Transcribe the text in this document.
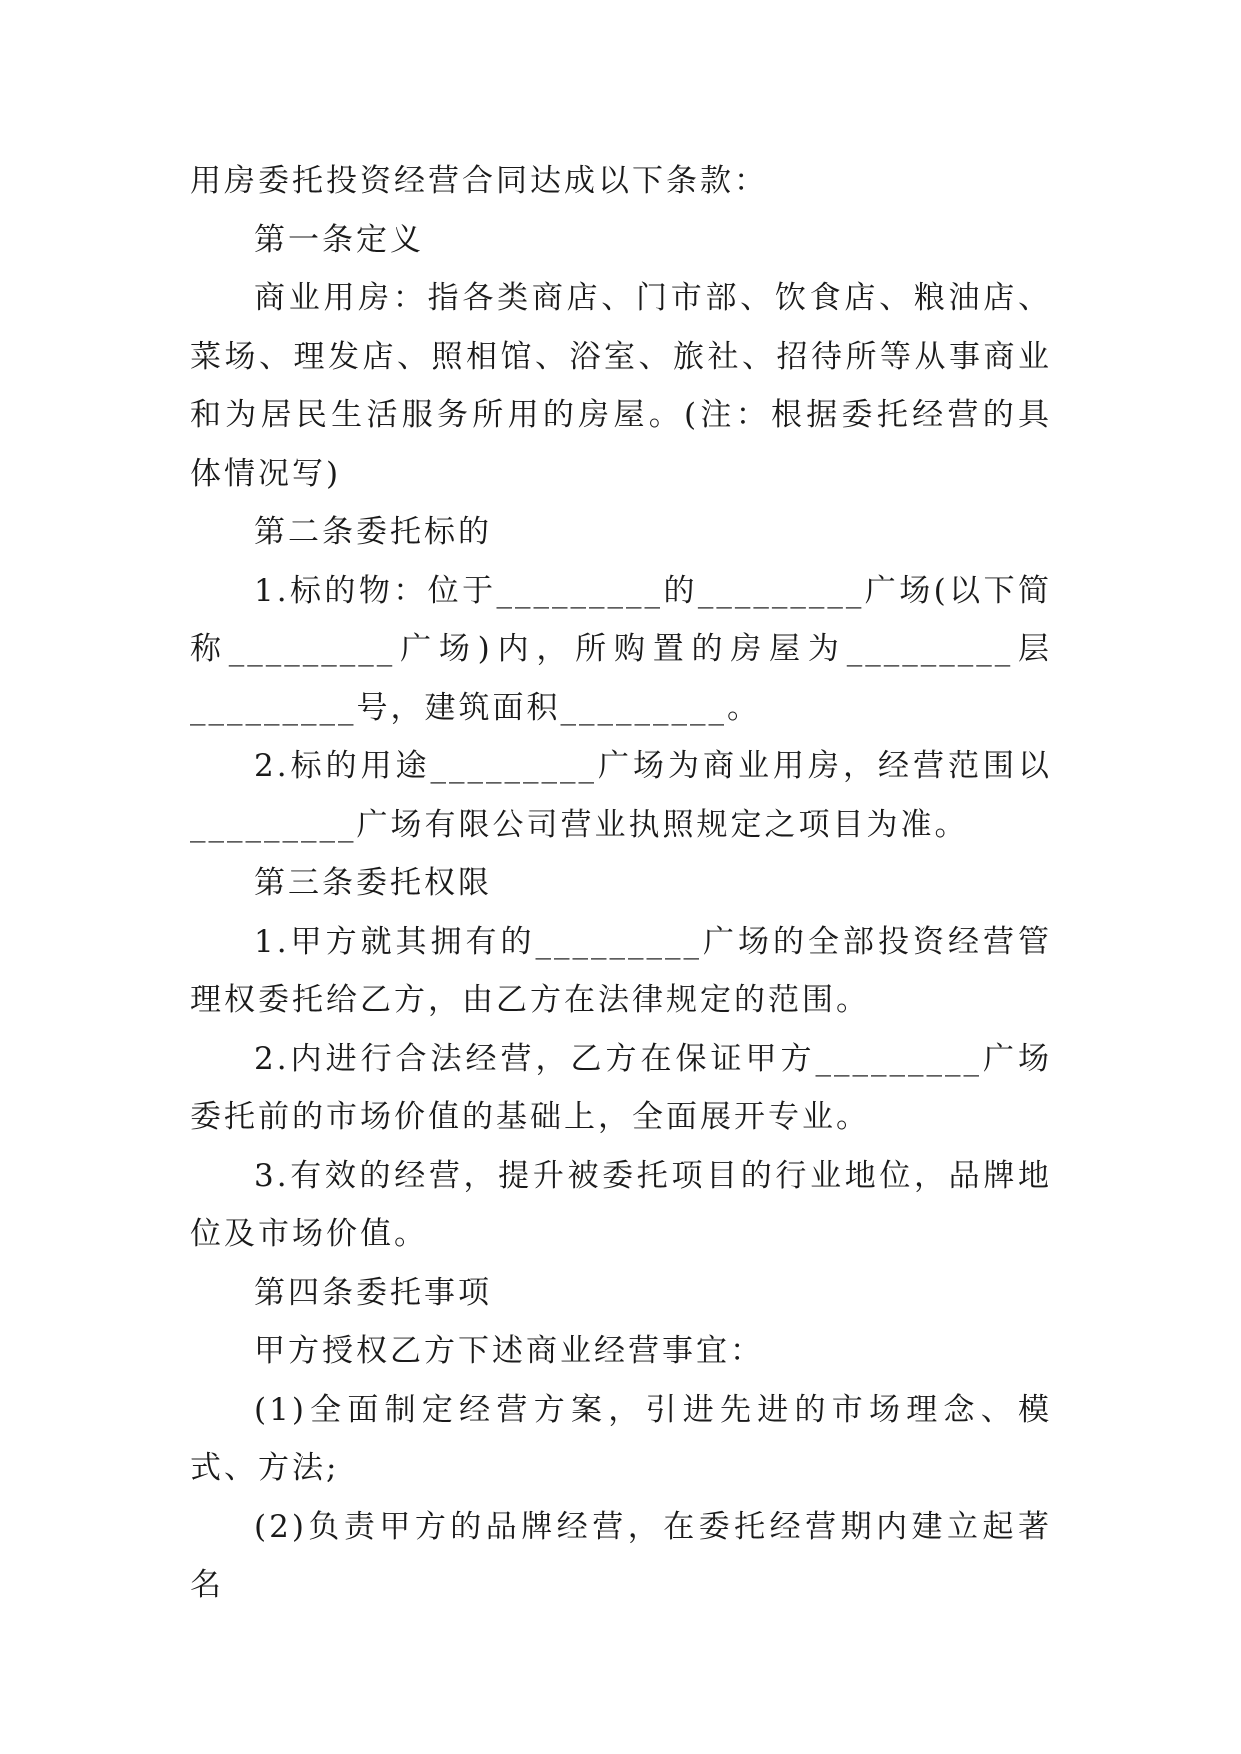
用房委托投资经营合同达成以下条款：

第一条定义

商业用房：指各类商店、门市部、饮食店、粮油店、菜场、理发店、照相馆、浴室、旅社、招待所等从事商业和为居民生活服务所用的房屋。(注：根据委托经营的具体情况写)

第二条委托标的

1.标的物：位于_________的_________广场(以下简称_________广场)内，所购置的房屋为_________层_________号，建筑面积_________。

2.标的用途_________广场为商业用房，经营范围以_________广场有限公司营业执照规定之项目为准。

第三条委托权限

1.甲方就其拥有的_________广场的全部投资经营管理权委托给乙方，由乙方在法律规定的范围。

2.内进行合法经营，乙方在保证甲方_________广场委托前的市场价值的基础上，全面展开专业。

3.有效的经营，提升被委托项目的行业地位，品牌地位及市场价值。

第四条委托事项

甲方授权乙方下述商业经营事宜：

(1)全面制定经营方案，引进先进的市场理念、模式、方法;

(2)负责甲方的品牌经营，在委托经营期内建立起著名
